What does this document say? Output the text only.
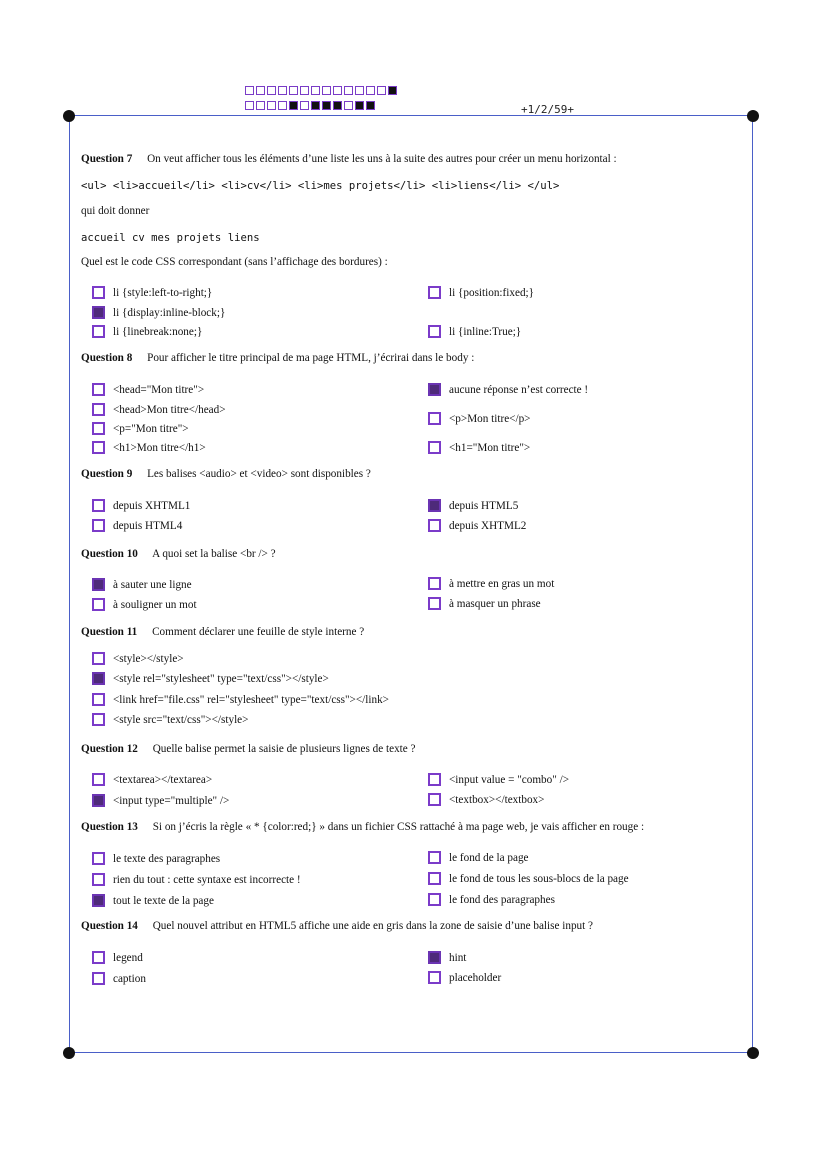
+1/2/59+
Question 7 On veut afficher tous les éléments d’une liste les uns à la suite des autres pour créer un menu horizontal :
<ul> <li>accueil</li> <li>cv</li> <li>mes projets</li> <li>liens</li> </ul>
qui doit donner
accueil cv mes projets liens
Quel est le code CSS correspondant (sans l’affichage des bordures) :
li {style:left-to-right;}	li {position:fixed;}
li {display:inline-block;}
li {linebreak:none;}	li {inline:True;}
Question 8 Pour afficher le titre principal de ma page HTML, j’écrirai dans le body :
<head="Mon titre">	aucune réponse n’est correcte !
<head>Mon titre</head>
<p="Mon titre">
<p>Mon titre</p>
<h1>Mon titre</h1>	<h1="Mon titre">
Question 9 Les balises <audio> et <video> sont disponibles ?
depuis XHTML1	depuis HTML5
depuis HTML4	depuis XHTML2
Question 10 A quoi set la balise <br /> ?
à sauter une ligne	à mettre en gras un mot
à souligner un mot	à masquer un phrase
Question 11 Comment déclarer une feuille de style interne ?
<style></style>
<style rel="stylesheet" type="text/css"></style>
<link href="file.css" rel="stylesheet" type="text/css"></link>
<style src="text/css"></style>
Question 12 Quelle balise permet la saisie de plusieurs lignes de texte ?
<textarea></textarea>	<input value = "combo" />
<input type="multiple" />	<textbox></textbox>
Question 13 Si on j’écris la règle « * {color:red;} » dans un fichier CSS rattaché à ma page web, je vais afficher en rouge :
le texte des paragraphes	le fond de la page
rien du tout : cette syntaxe est incorrecte !	le fond de tous les sous-blocs de la page
tout le texte de la page	le fond des paragraphes
Question 14 Quel nouvel attribut en HTML5 affiche une aide en gris dans la zone de saisie d’une balise input ?
legend	hint
caption	placeholder
